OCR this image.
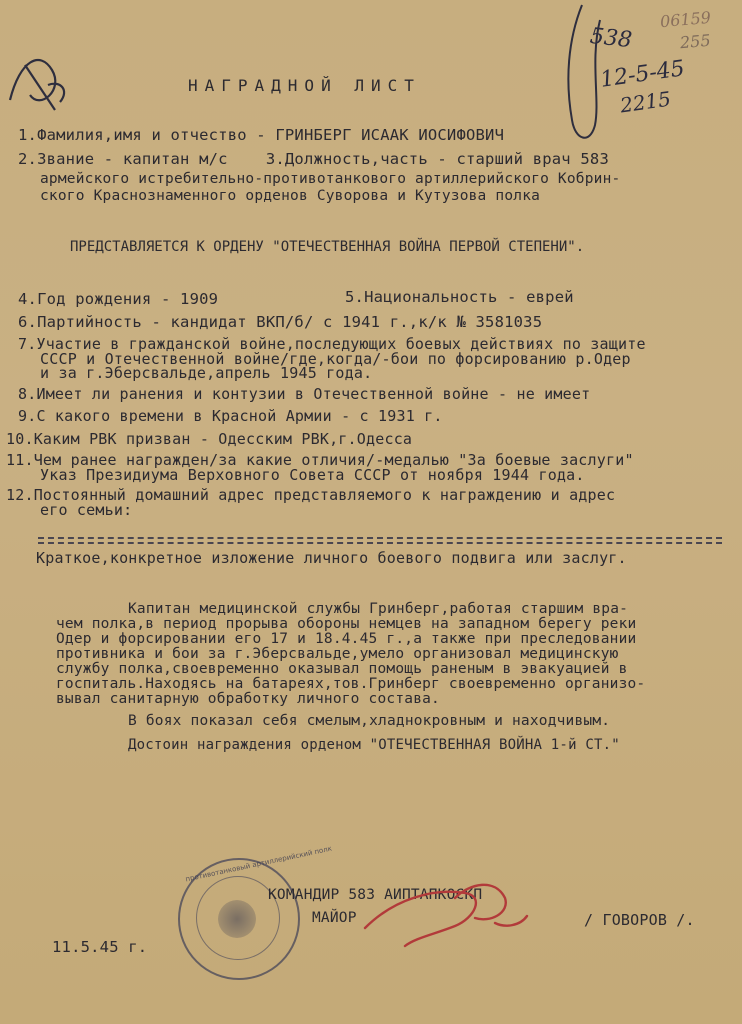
538
06159
255
12-5-45
2215
НАГРАДНОЙ ЛИСТ
1.Фамилия,имя и отчество - ГРИНБЕРГ ИСААК ИОСИФОВИЧ
2.Звание - капитан м/с    3.Должность,часть - старший врач 583
армейского истребительно-противотанкового артиллерийского Кобрин-
ского Краснознаменного орденов Суворова и Кутузова полка
ПРЕДСТАВЛЯЕТСЯ К ОРДЕНУ "ОТЕЧЕСТВЕННАЯ ВОЙНА ПЕРВОЙ СТЕПЕНИ".
4.Год рождения - 1909	5.Национальность - еврей
6.Партийность - кандидат ВКП/б/ с 1941 г.,к/к № 3581035
7.Участие в гражданской войне,последующих боевых действиях по защите
СССР и Отечественной войне/где,когда/-бои по форсированию р.Одер
и за г.Эберсвальде,апрель 1945 года.
8.Имеет ли ранения и контузии в Отечественной войне - не имеет
9.С какого времени в Красной Армии - с 1931 г.
10.Каким РВК призван - Одесским РВК,г.Одесса
11.Чем ранее награжден/за какие отличия/-медалью "За боевые заслуги"
Указ Президиума Верховного Совета СССР от ноября 1944 года.
12.Постоянный домашний адрес представляемого к награждению и адрес
его семьи:
Краткое,конкретное изложение личного боевого подвига или заслуг.
Капитан медицинской службы Гринберг,работая старшим вра-
чем полка,в период прорыва обороны немцев на западном берегу реки
Одер и форсировании его 17 и 18.4.45 г.,а также при преследовании
противника и бои за г.Эберсвальде,умело организовал медицинскую
службу полка,своевременно оказывал помощь раненым в эвакуацией в
госпиталь.Находясь на батареях,тов.Гринберг своевременно организо-
вывал санитарную обработку личного состава.
В боях показал себя смелым,хладнокровным и находчивым.
Достоин награждения орденом "ОТЕЧЕСТВЕННАЯ ВОЙНА 1-й СТ."
противотанковый артиллерийский полк
КОМАНДИР 583 АИПТАПКОСКП
МАЙОР	/ ГОВОРОВ /.
11.5.45 г.
